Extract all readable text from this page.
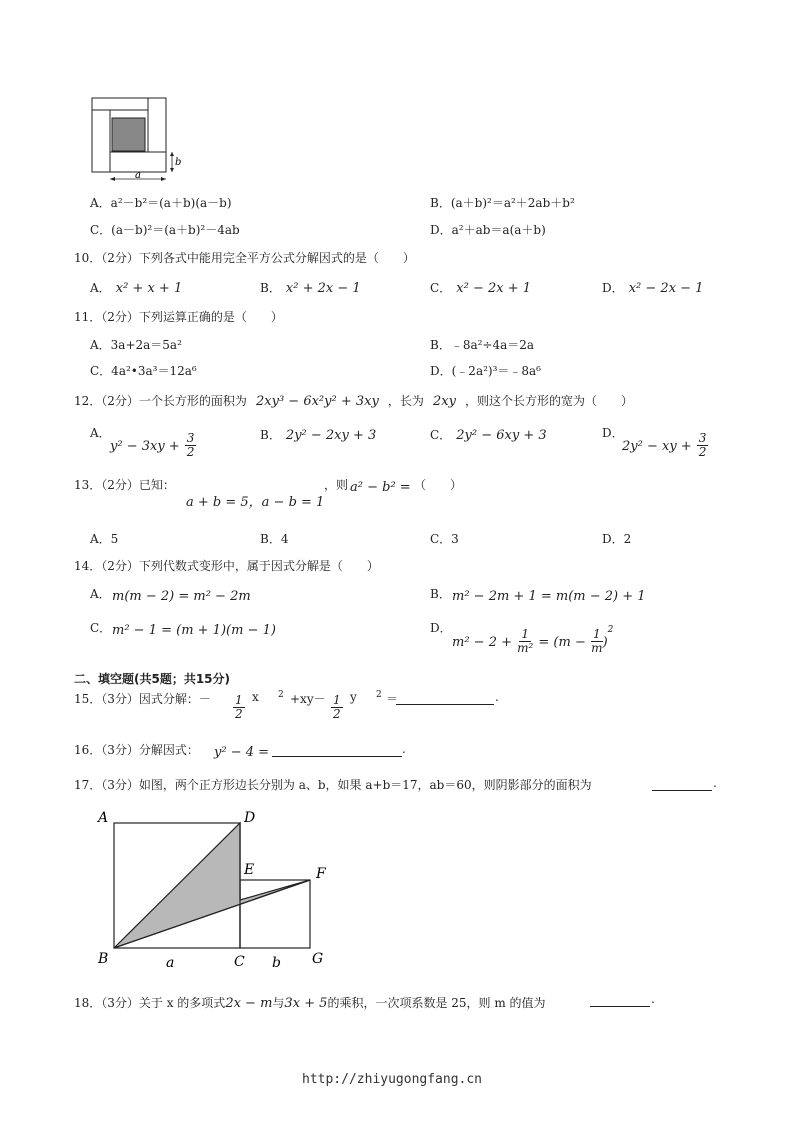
a
b
A．a²－b²＝(a＋b)(a－b)	B．(a＋b)²＝a²＋2ab＋b²
C．(a－b)²＝(a＋b)²－4ab	D．a²＋ab＝a(a＋b)
10．（2分）下列各式中能用完全平方公式分解因式的是（　　）
A． x² + x + 1	B． x² + 2x − 1	C． x² − 2x + 1	D． x² − 2x − 1
11．（2分）下列运算正确的是（　　）
A．3a+2a＝5a²	B．﹣8a²÷4a＝2a
C．4a²•3a³＝12a⁶	D．(﹣2a²)³＝﹣8a⁶
12．（2分）一个长方形的面积为 2xy³ − 6x²y² + 3xy ，长为 2xy ，则这个长方形的宽为（　　）
A．
$y^2 - 3xy + \frac{3}{2}$	B． 2y² − 2xy + 3	C． 2y² − 6xy + 3	D．
2y² − xy + $\frac{3}{2}$
13．（2分）已知：
a + b = 5，a − b = 1
，则 a² − b² = （　　）
A．5	B．4	C．3	D．2
14．（2分）下列代数式变形中，属于因式分解是（　　）
A． m(m − 2) = m² − 2m	B． m² − 2m + 1 = m(m − 2) + 1
C． m² − 1 = (m + 1)(m − 1)	D．
$m^2 - 2 + \frac{1}{\text{m²}} = (m - \frac{1}{m} )^2$
二、填空题(共5题；共15分)
15．（3分）因式分解：－ $\frac{1}{2}$ x $2 +xy- \frac{1}{2}$ y 2 ＝	.
16．（3分）分解因式： y² − 4 =	.
17．（3分）如图，两个正方形边长分别为 a、b，如果 a+b＝17，ab＝60，则阴影部分的面积为	.
A	D
E	F
B	C	G
a	b
18．（3分）关于 x 的多项式2x − m与3x + 5的乘积，一次项系数是 25，则 m 的值为	.
http://zhiyugongfang.cn
